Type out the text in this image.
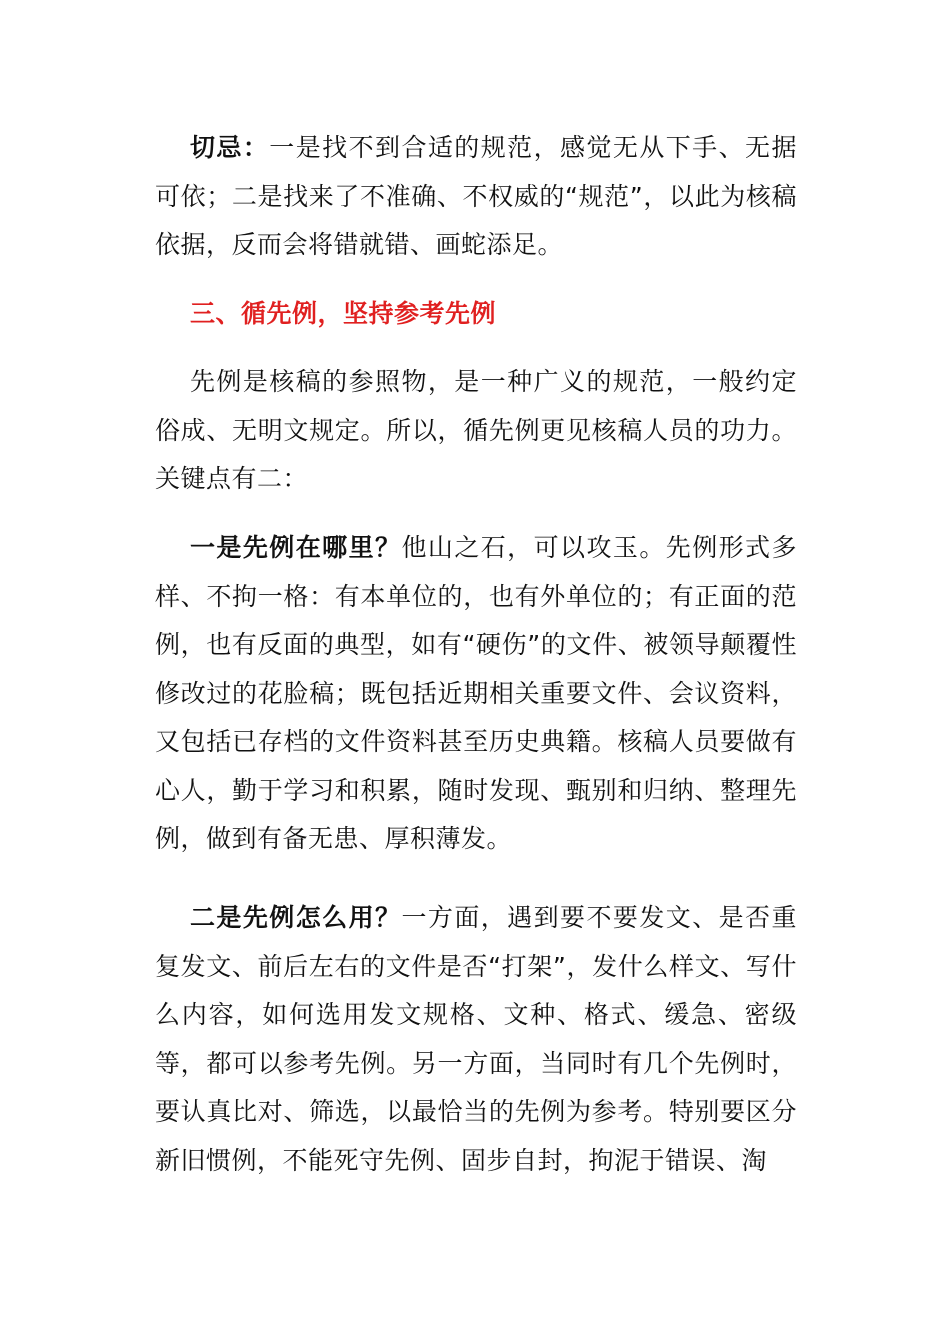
切忌：一是找不到合适的规范，感觉无从下手、无据可依；二是找来了不准确、不权威的“规范”，以此为核稿依据，反而会将错就错、画蛇添足。

三、循先例，坚持参考先例

先例是核稿的参照物，是一种广义的规范，一般约定俗成、无明文规定。所以，循先例更见核稿人员的功力。关键点有二：

一是先例在哪里？他山之石，可以攻玉。先例形式多样、不拘一格：有本单位的，也有外单位的；有正面的范例，也有反面的典型，如有“硬伤”的文件、被领导颠覆性修改过的花脸稿；既包括近期相关重要文件、会议资料，又包括已存档的文件资料甚至历史典籍。核稿人员要做有心人，勤于学习和积累，随时发现、甄别和归纳、整理先例，做到有备无患、厚积薄发。

二是先例怎么用？一方面，遇到要不要发文、是否重复发文、前后左右的文件是否“打架”，发什么样文、写什么内容，如何选用发文规格、文种、格式、缓急、密级等，都可以参考先例。另一方面，当同时有几个先例时，要认真比对、筛选，以最恰当的先例为参考。特别要区分新旧惯例，不能死守先例、固步自封，拘泥于错误、淘
